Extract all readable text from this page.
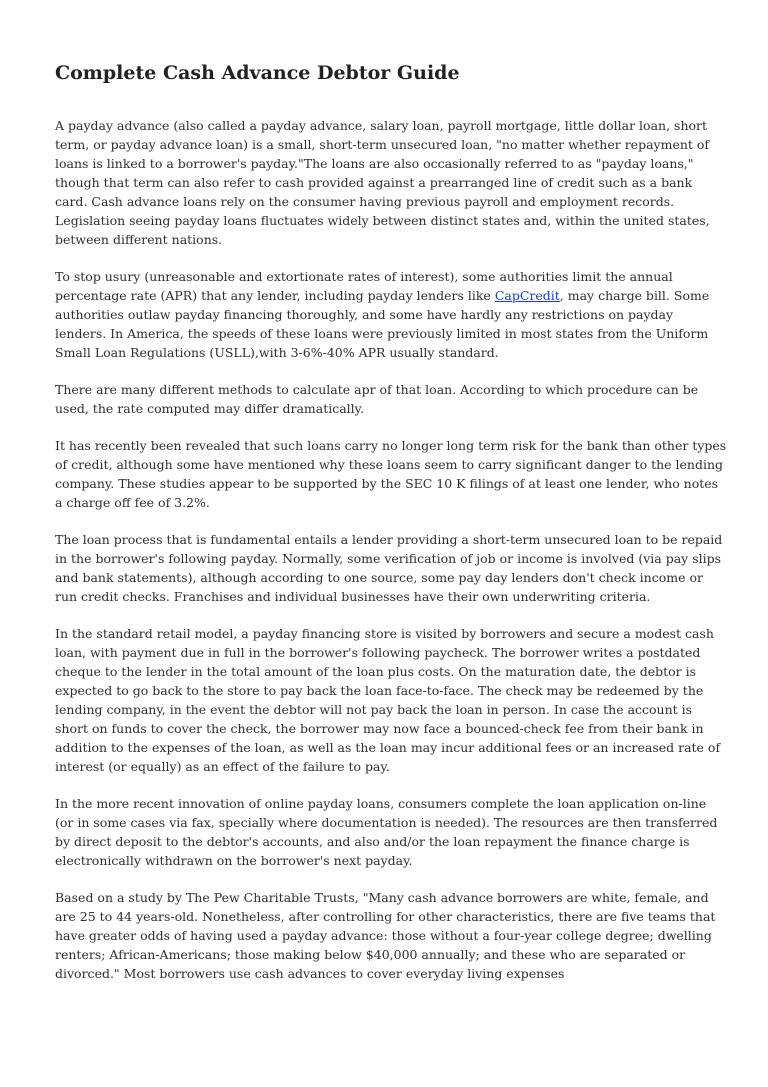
Complete Cash Advance Debtor Guide

A payday advance (also called a payday advance, salary loan, payroll mortgage, little dollar loan, short term, or payday advance loan) is a small, short-term unsecured loan, "no matter whether repayment of loans is linked to a borrower's payday."The loans are also occasionally referred to as "payday loans," though that term can also refer to cash provided against a prearranged line of credit such as a bank card. Cash advance loans rely on the consumer having previous payroll and employment records. Legislation seeing payday loans fluctuates widely between distinct states and, within the united states, between different nations.

To stop usury (unreasonable and extortionate rates of interest), some authorities limit the annual percentage rate (APR) that any lender, including payday lenders like CapCredit, may charge bill. Some authorities outlaw payday financing thoroughly, and some have hardly any restrictions on payday lenders. In America, the speeds of these loans were previously limited in most states from the Uniform Small Loan Regulations (USLL),with 3-6%-40% APR usually standard.

There are many different methods to calculate apr of that loan. According to which procedure can be used, the rate computed may differ dramatically.

It has recently been revealed that such loans carry no longer long term risk for the bank than other types of credit, although some have mentioned why these loans seem to carry significant danger to the lending company. These studies appear to be supported by the SEC 10 K filings of at least one lender, who notes a charge off fee of 3.2%.

The loan process that is fundamental entails a lender providing a short-term unsecured loan to be repaid in the borrower's following payday. Normally, some verification of job or income is involved (via pay slips and bank statements), although according to one source, some pay day lenders don't check income or run credit checks. Franchises and individual businesses have their own underwriting criteria.

In the standard retail model, a payday financing store is visited by borrowers and secure a modest cash loan, with payment due in full in the borrower's following paycheck. The borrower writes a postdated cheque to the lender in the total amount of the loan plus costs. On the maturation date, the debtor is expected to go back to the store to pay back the loan face-to-face. The check may be redeemed by the lending company, in the event the debtor will not pay back the loan in person. In case the account is short on funds to cover the check, the borrower may now face a bounced-check fee from their bank in addition to the expenses of the loan, as well as the loan may incur additional fees or an increased rate of interest (or equally) as an effect of the failure to pay.

In the more recent innovation of online payday loans, consumers complete the loan application on-line (or in some cases via fax, specially where documentation is needed). The resources are then transferred by direct deposit to the debtor's accounts, and also and/or the loan repayment the finance charge is electronically withdrawn on the borrower's next payday.

Based on a study by The Pew Charitable Trusts, "Many cash advance borrowers are white, female, and are 25 to 44 years-old. Nonetheless, after controlling for other characteristics, there are five teams that have greater odds of having used a payday advance: those without a four-year college degree; dwelling renters; African-Americans; those making below $40,000 annually; and these who are separated or divorced." Most borrowers use cash advances to cover everyday living expenses
